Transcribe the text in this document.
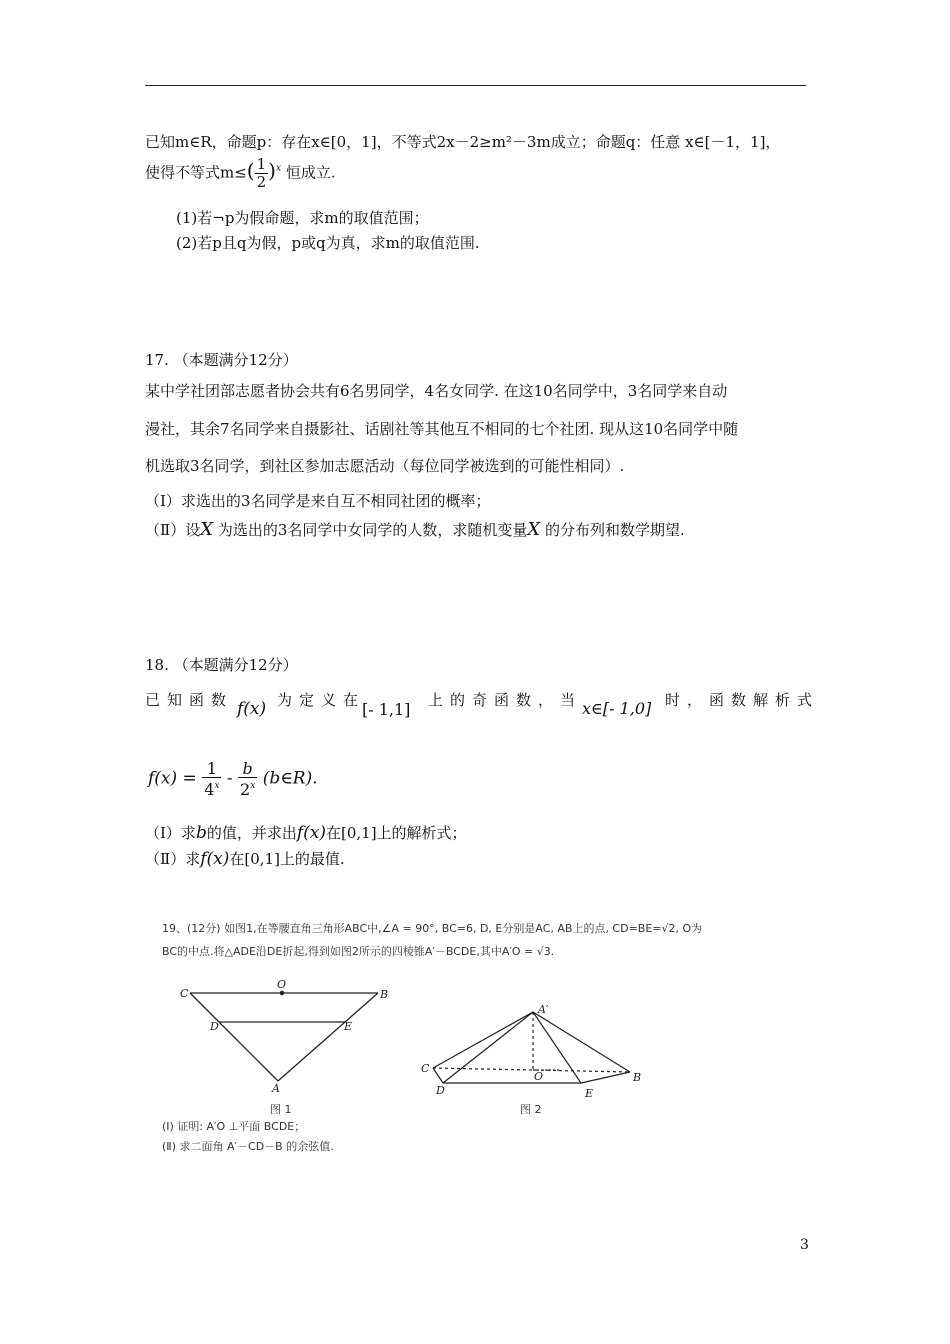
已知m∈R，命题p：存在x∈[0，1]，不等式2x－2≥m²－3m成立；命题q：任意 x∈[－1，1]，
使得不等式$m\le( \frac{1}{2} )^x$ 恒成立.
(1)若¬p为假命题，求m的取值范围；
(2)若p且q为假，p或q为真，求m的取值范围.
17. （本题满分12分）
某中学社团部志愿者协会共有6名男同学，4名女同学. 在这10名同学中，3名同学来自动
漫社，其余7名同学来自摄影社、话剧社等其他互不相同的七个社团. 现从这10名同学中随
机选取3名同学，到社区参加志愿活动（每位同学被选到的可能性相同）.
（Ⅰ）求选出的3名同学是来自互不相同社团的概率；
（Ⅱ）设X 为选出的3名同学中女同学的人数，求随机变量X 的分布列和数学期望.
18. （本题满分12分）
已知函数 f(x) 为定义在
[- 1,1] 上的奇函数，当 x∈[- 1,0] 时，函数解析式
$f(x) = \frac{1}{4^x} - \frac{b}{2^x}$ (b∈R).
（Ⅰ）求b的值，并求出f(x)在[0,1]上的解析式；
（Ⅱ）求f(x)在[0,1]上的最值.
19、(12分) 如图1,在等腰直角三角形ABC中,∠A = 90°, BC=6, D, E分别是AC, AB上的点, CD=BE=√2, O为
BC的中点.将△ADE沿DE折起,得到如图2所示的四棱锥A′－BCDE,其中A′O = √3.
C
O
B
D	E
A
图 1
A′
C
O	B
D	E
图 2
(Ⅰ) 证明: A′O ⊥平面 BCDE；
(Ⅱ) 求二面角 A′－CD－B 的余弦值.
3
